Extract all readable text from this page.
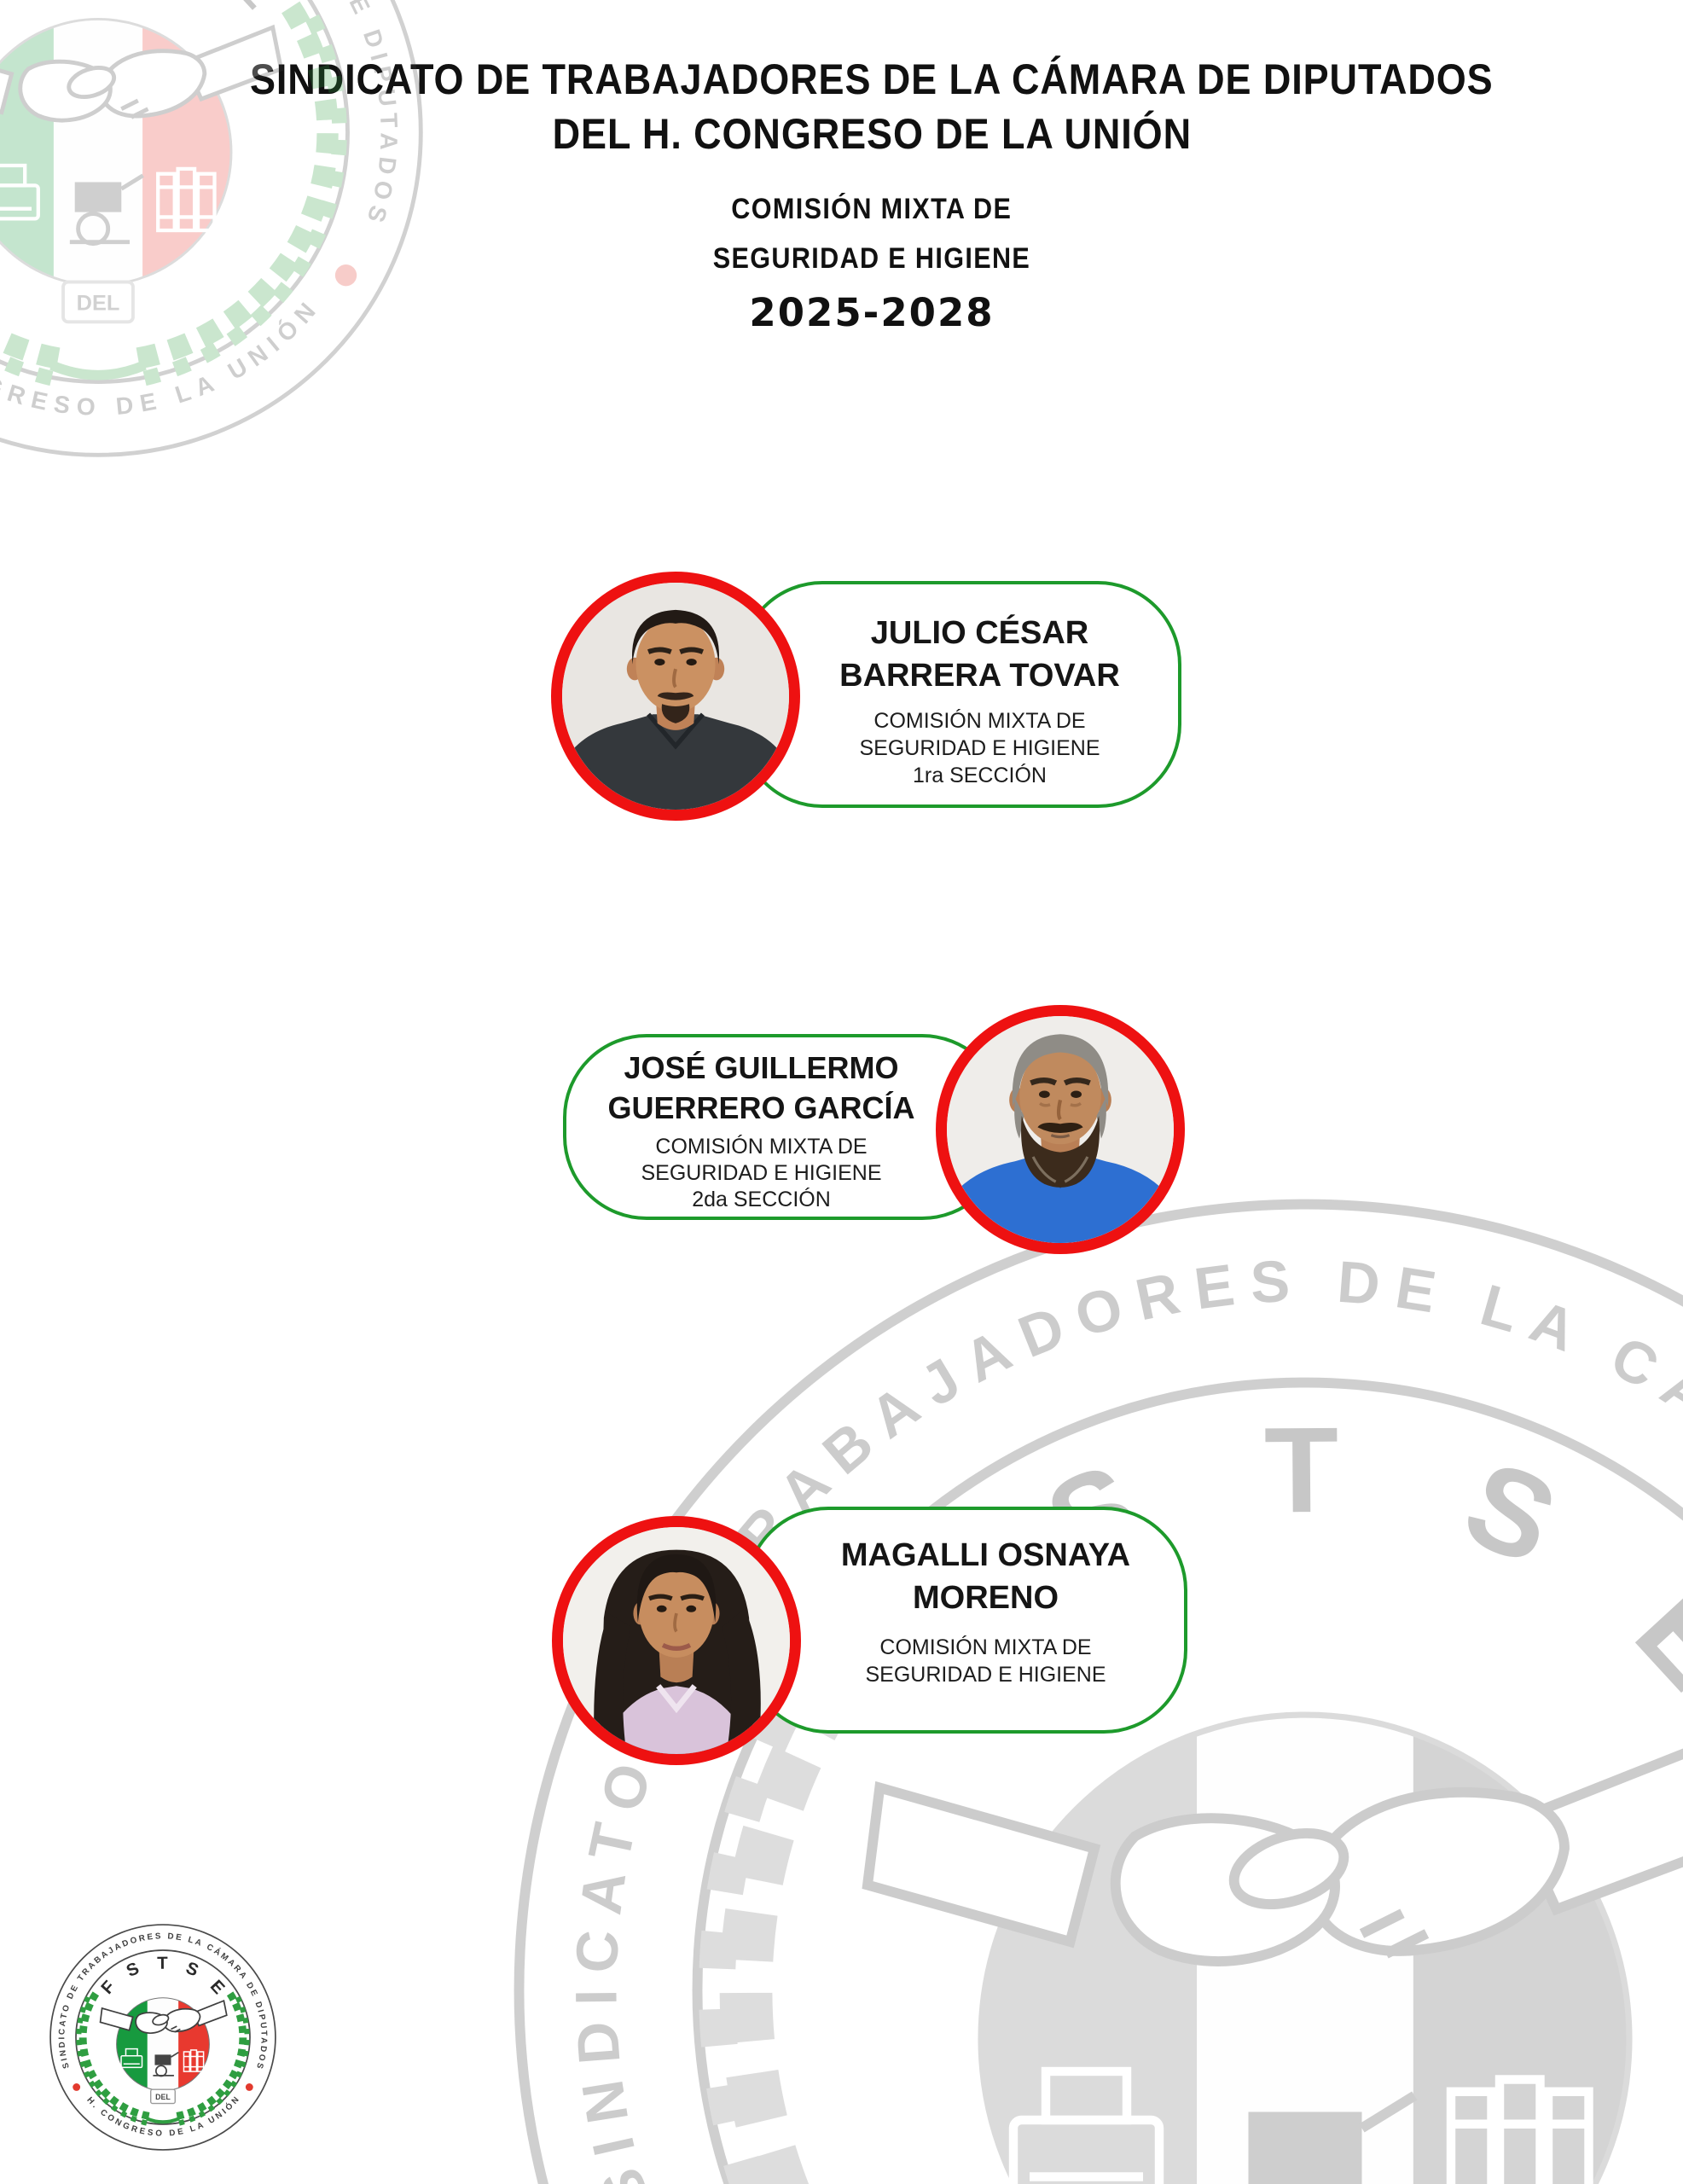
SINDICATO DE TRABAJADORES DE LA CÁMARA DE DIPUTADOS
DEL H. CONGRESO DE LA UNIÓN
COMISIÓN MIXTA DE
SEGURIDAD E HIGIENE
2025-2028
JULIO CÉSAR
BARRERA TOVAR
COMISIÓN MIXTA DE
SEGURIDAD E HIGIENE
1ra SECCIÓN
JOSÉ GUILLERMO
GUERRERO GARCÍA
COMISIÓN MIXTA DE
SEGURIDAD E HIGIENE
2da SECCIÓN
MAGALLI OSNAYA
MORENO
COMISIÓN MIXTA DE
SEGURIDAD E HIGIENE
